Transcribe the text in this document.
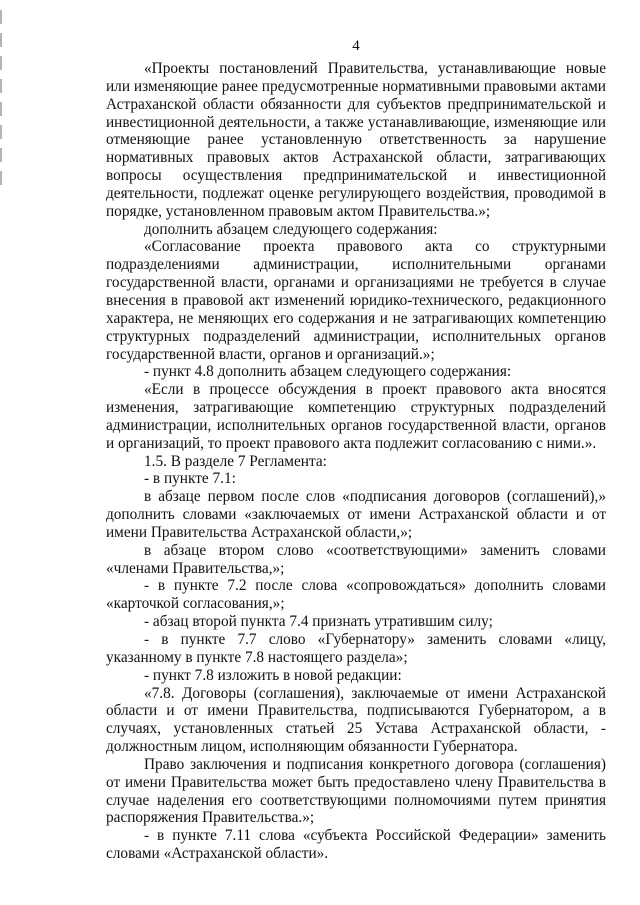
4

«Проекты постановлений Правительства, устанавливающие новые или изменяющие ранее предусмотренные нормативными правовыми актами Астраханской области обязанности для субъектов предпринимательской и инвестиционной деятельности, а также устанавливающие, изменяющие или отменяющие ранее установленную ответственность за нарушение нормативных правовых актов Астраханской области, затрагивающих вопросы осуществления предпринимательской и инвестиционной деятельности, подлежат оценке регулирующего воздействия, проводимой в порядке, установленном правовым актом Правительства.»;

дополнить абзацем следующего содержания:

«Согласование проекта правового акта со структурными подразделениями администрации, исполнительными органами государственной власти, органами и организациями не требуется в случае внесения в правовой акт изменений юридико-технического, редакционного характера, не меняющих его содержания и не затрагивающих компетенцию структурных подразделений администрации, исполнительных органов государственной власти, органов и организаций.»;

- пункт 4.8 дополнить абзацем следующего содержания:

«Если в процессе обсуждения в проект правового акта вносятся изменения, затрагивающие компетенцию структурных подразделений администрации, исполнительных органов государственной власти, органов и организаций, то проект правового акта подлежит согласованию с ними.».

1.5. В разделе 7 Регламента:

- в пункте 7.1:

в абзаце первом после слов «подписания договоров (соглашений),» дополнить словами «заключаемых от имени Астраханской области и от имени Правительства Астраханской области,»;

в абзаце втором слово «соответствующими» заменить словами «членами Правительства,»;

- в пункте 7.2 после слова «сопровождаться» дополнить словами «карточкой согласования,»;

- абзац второй пункта 7.4 признать утратившим силу;

- в пункте 7.7 слово «Губернатору» заменить словами «лицу, указанному в пункте 7.8 настоящего раздела»;

- пункт 7.8 изложить в новой редакции:

«7.8. Договоры (соглашения), заключаемые от имени Астраханской области и от имени Правительства, подписываются Губернатором, а в случаях, установленных статьей 25 Устава Астраханской области, - должностным лицом, исполняющим обязанности Губернатора.

Право заключения и подписания конкретного договора (соглашения) от имени Правительства может быть предоставлено члену Правительства в случае наделения его соответствующими полномочиями путем принятия распоряжения Правительства.»;

- в пункте 7.11 слова «субъекта Российской Федерации» заменить словами «Астраханской области».
